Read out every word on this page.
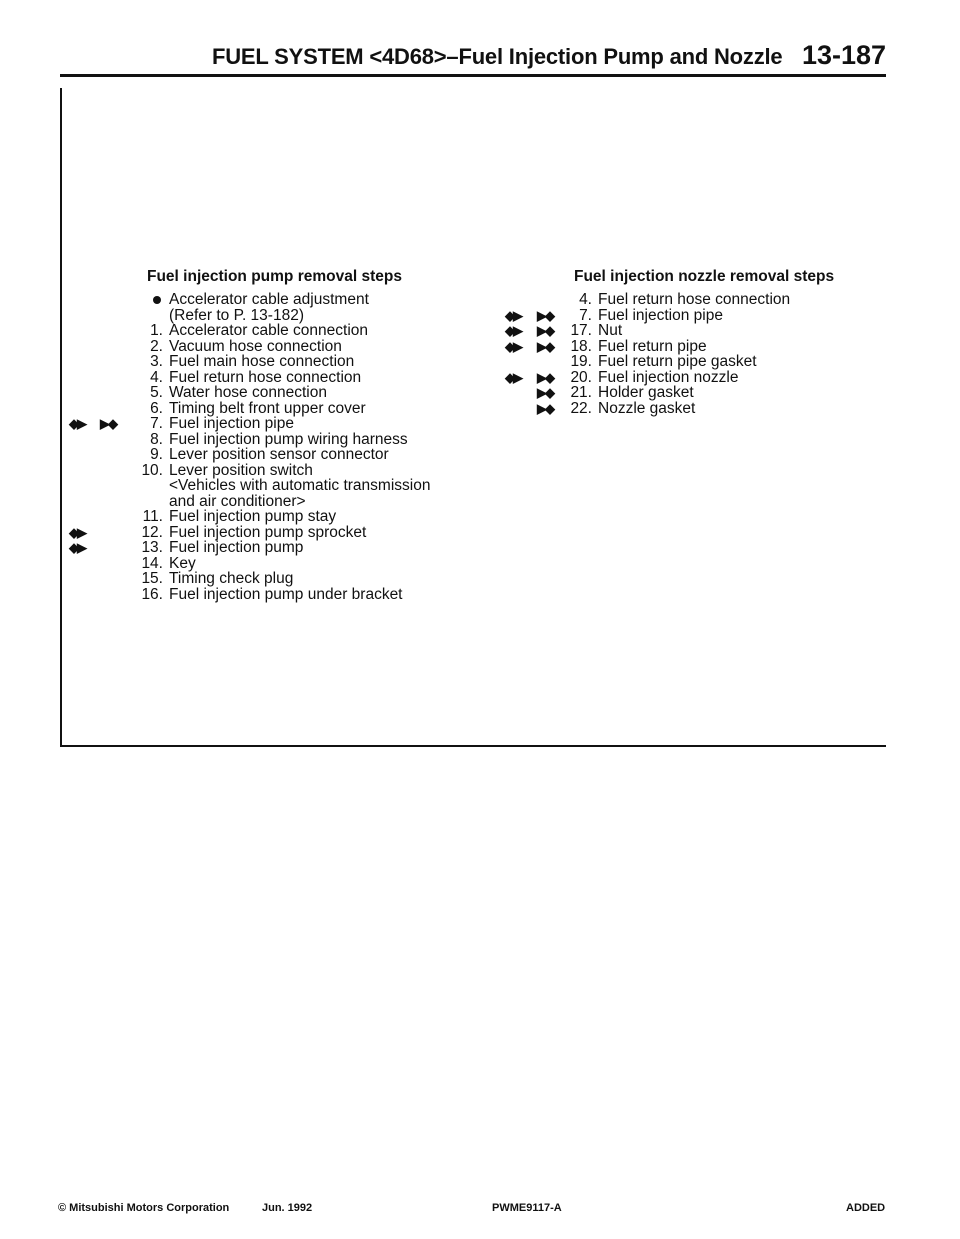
FUEL SYSTEM <4D68>–Fuel Injection Pump and Nozzle 13-187
Fuel injection pump removal steps
Accelerator cable adjustment
(Refer to P. 13-182)
1. Accelerator cable connection
2. Vacuum hose connection
3. Fuel main hose connection
4. Fuel return hose connection
5. Water hose connection
6. Timing belt front upper cover
◆▶ ▶◆	7. Fuel injection pipe
8. Fuel injection pump wiring harness
9. Lever position sensor connector
10. Lever position switch
<Vehicles with automatic transmission
and air conditioner>
11. Fuel injection pump stay
◆▶	12. Fuel injection pump sprocket
◆▶	13. Fuel injection pump
14. Key
15. Timing check plug
16. Fuel injection pump under bracket
Fuel injection nozzle removal steps
4. Fuel return hose connection
◆▶ ▶◆	7. Fuel injection pipe
◆▶ ▶◆	17. Nut
◆▶ ▶◆	18. Fuel return pipe
19. Fuel return pipe gasket
◆▶ ▶◆	20. Fuel injection nozzle
▶◆	21. Holder gasket
▶◆	22. Nozzle gasket
© Mitsubishi Motors Corporation	Jun. 1992	PWME9117-A	ADDED
